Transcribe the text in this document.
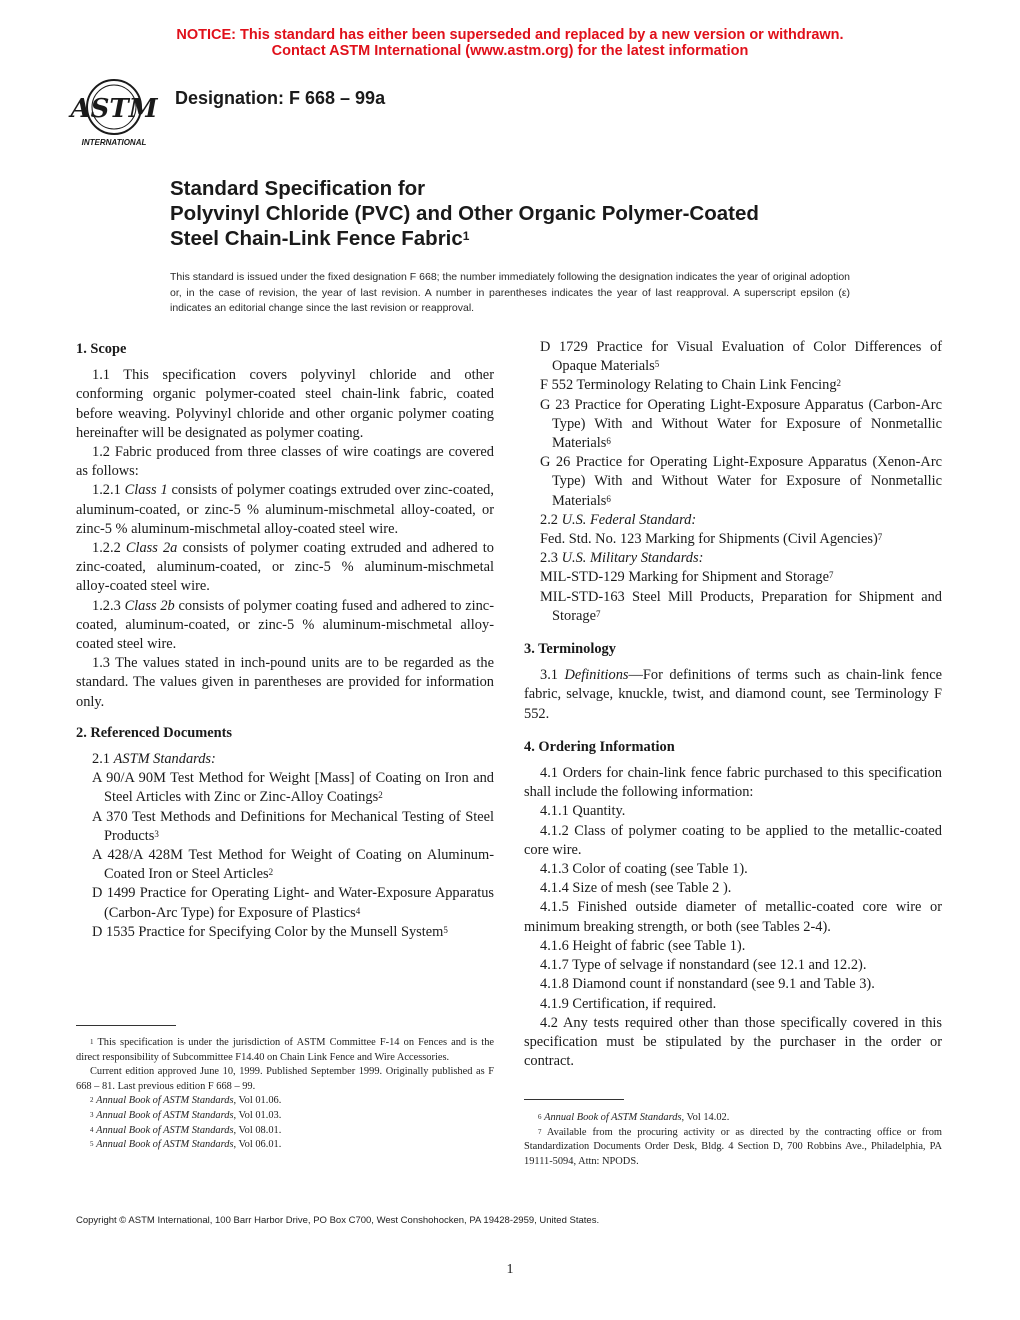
NOTICE: This standard has either been superseded and replaced by a new version or withdrawn.
Contact ASTM International (www.astm.org) for the latest information
ASTM
INTERNATIONAL
Designation: F 668 – 99a
Standard Specification for
Polyvinyl Chloride (PVC) and Other Organic Polymer-Coated
Steel Chain-Link Fence Fabric$^1$
This standard is issued under the fixed designation F 668; the number immediately following the designation indicates the year of original adoption or, in the case of revision, the year of last revision. A number in parentheses indicates the year of last reapproval. A superscript epsilon (ε) indicates an editorial change since the last revision or reapproval.

1. Scope

1.1 This specification covers polyvinyl chloride and other conforming organic polymer-coated steel chain-link fabric, coated before weaving. Polyvinyl chloride and other organic polymer coating hereinafter will be designated as polymer coating.

1.2 Fabric produced from three classes of wire coatings are covered as follows:

1.2.1 Class 1 consists of polymer coatings extruded over zinc-coated, aluminum-coated, or zinc-5 % aluminum-mischmetal alloy-coated, or zinc-5 % aluminum-mischmetal alloy-coated steel wire.

1.2.2 Class 2a consists of polymer coating extruded and adhered to zinc-coated, aluminum-coated, or zinc-5 % aluminum-mischmetal alloy-coated steel wire.

1.2.3 Class 2b consists of polymer coating fused and adhered to zinc-coated, aluminum-coated, or zinc-5 % aluminum-mischmetal alloy-coated steel wire.

1.3 The values stated in inch-pound units are to be regarded as the standard. The values given in parentheses are provided for information only.

2. Referenced Documents

2.1 ASTM Standards:

A 90/A 90M Test Method for Weight [Mass] of Coating on Iron and Steel Articles with Zinc or Zinc-Alloy Coatings$^2$

A 370 Test Methods and Definitions for Mechanical Testing of Steel Products$^3$

A 428/A 428M Test Method for Weight of Coating on Aluminum-Coated Iron or Steel Articles$^2$

D 1499 Practice for Operating Light- and Water-Exposure Apparatus (Carbon-Arc Type) for Exposure of Plastics$^4$

D 1535 Practice for Specifying Color by the Munsell System$^5$

D 1729 Practice for Visual Evaluation of Color Differences of Opaque Materials$^5$

F 552 Terminology Relating to Chain Link Fencing$^2$

G 23 Practice for Operating Light-Exposure Apparatus (Carbon-Arc Type) With and Without Water for Exposure of Nonmetallic Materials$^6$

G 26 Practice for Operating Light-Exposure Apparatus (Xenon-Arc Type) With and Without Water for Exposure of Nonmetallic Materials$^6$

2.2 U.S. Federal Standard:

Fed. Std. No. 123 Marking for Shipments (Civil Agencies)$^7$

2.3 U.S. Military Standards:

MIL-STD-129 Marking for Shipment and Storage$^7$

MIL-STD-163 Steel Mill Products, Preparation for Shipment and Storage$^7$

3. Terminology

3.1 Definitions—For definitions of terms such as chain-link fence fabric, selvage, knuckle, twist, and diamond count, see Terminology F 552.

4. Ordering Information

4.1 Orders for chain-link fence fabric purchased to this specification shall include the following information:

4.1.1 Quantity.

4.1.2 Class of polymer coating to be applied to the metallic-coated core wire.

4.1.3 Color of coating (see Table 1).

4.1.4 Size of mesh (see Table 2 ).

4.1.5 Finished outside diameter of metallic-coated core wire or minimum breaking strength, or both (see Tables 2-4).

4.1.6 Height of fabric (see Table 1).

4.1.7 Type of selvage if nonstandard (see 12.1 and 12.2).

4.1.8 Diamond count if nonstandard (see 9.1 and Table 3).

4.1.9 Certification, if required.

4.2 Any tests required other than those specifically covered in this specification must be stipulated by the purchaser in the order or contract.

$^1$ This specification is under the jurisdiction of ASTM Committee F-14 on Fences and is the direct responsibility of Subcommittee F14.40 on Chain Link Fence and Wire Accessories.

Current edition approved June 10, 1999. Published September 1999. Originally published as F 668 – 81. Last previous edition F 668 – 99.

$^2$ Annual Book of ASTM Standards, Vol 01.06.

$^3$ Annual Book of ASTM Standards, Vol 01.03.

$^4$ Annual Book of ASTM Standards, Vol 08.01.

$^5$ Annual Book of ASTM Standards, Vol 06.01.

$^6$ Annual Book of ASTM Standards, Vol 14.02.

$^7$ Available from the procuring activity or as directed by the contracting office or from Standardization Documents Order Desk, Bldg. 4 Section D, 700 Robbins Ave., Philadelphia, PA 19111-5094, Attn: NPODS.

Copyright © ASTM International, 100 Barr Harbor Drive, PO Box C700, West Conshohocken, PA 19428-2959, United States.
1
